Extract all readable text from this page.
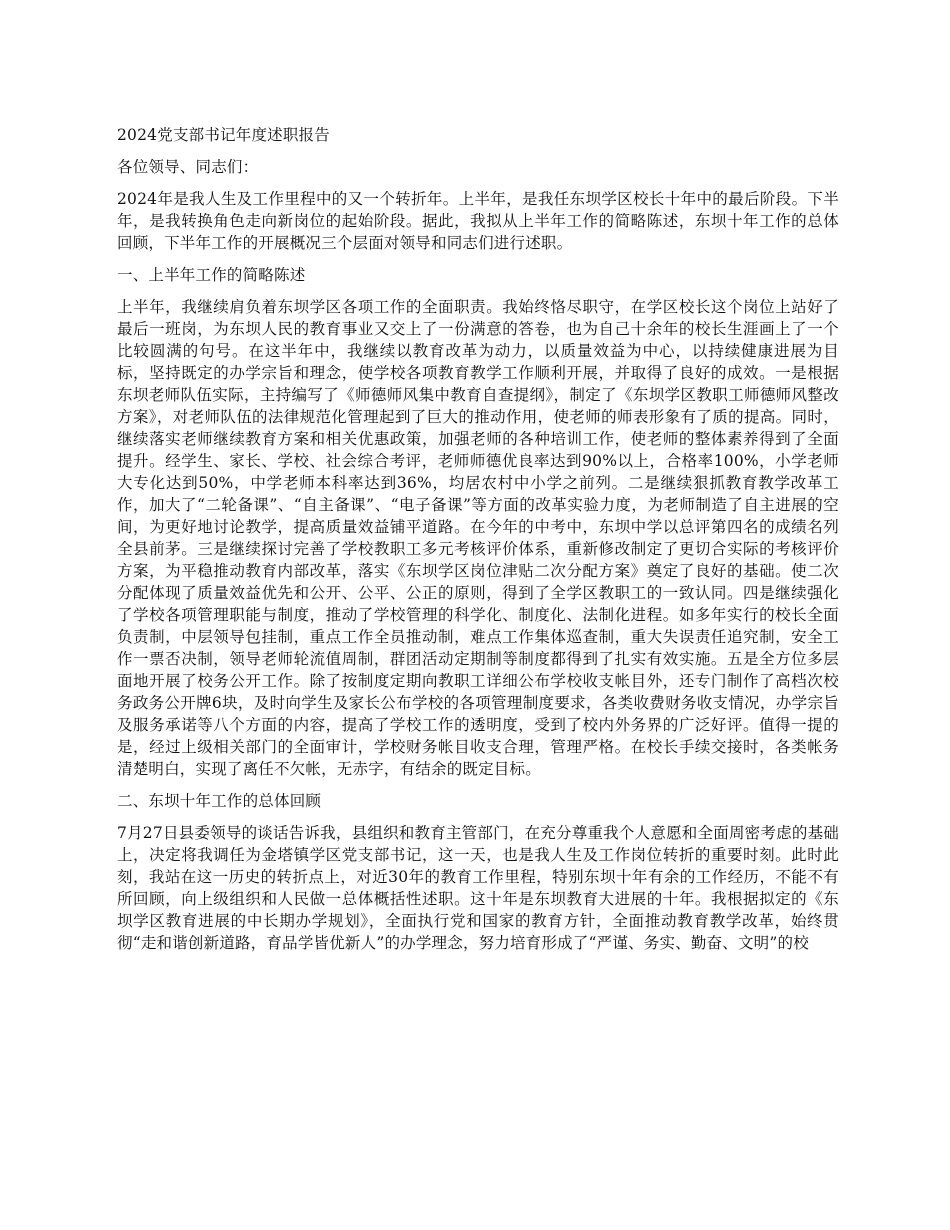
2024党支部书记年度述职报告

各位领导、同志们：

2024年是我人生及工作里程中的又一个转折年。上半年，是我任东坝学区校长十年中的最后阶段。下半年，是我转换角色走向新岗位的起始阶段。据此，我拟从上半年工作的简略陈述，东坝十年工作的总体回顾，下半年工作的开展概况三个层面对领导和同志们进行述职。

一、上半年工作的简略陈述

上半年，我继续肩负着东坝学区各项工作的全面职责。我始终恪尽职守，在学区校长这个岗位上站好了最后一班岗，为东坝人民的教育事业又交上了一份满意的答卷，也为自己十余年的校长生涯画上了一个比较圆满的句号。在这半年中，我继续以教育改革为动力，以质量效益为中心，以持续健康进展为目标，坚持既定的办学宗旨和理念，使学校各项教育教学工作顺利开展，并取得了良好的成效。一是根据东坝老师队伍实际，主持编写了《师德师风集中教育自查提纲》，制定了《东坝学区教职工师德师风整改方案》，对老师队伍的法律规范化管理起到了巨大的推动作用，使老师的师表形象有了质的提高。同时，继续落实老师继续教育方案和相关优惠政策，加强老师的各种培训工作，使老师的整体素养得到了全面提升。经学生、家长、学校、社会综合考评，老师师德优良率达到90%以上，合格率100%，小学老师大专化达到50%，中学老师本科率达到36%，均居农村中小学之前列。二是继续狠抓教育教学改革工作，加大了“二轮备课”、“自主备课”、“电子备课”等方面的改革实验力度，为老师制造了自主进展的空间，为更好地讨论教学，提高质量效益铺平道路。在今年的中考中，东坝中学以总评第四名的成绩名列全县前茅。三是继续探讨完善了学校教职工多元考核评价体系，重新修改制定了更切合实际的考核评价方案，为平稳推动教育内部改革，落实《东坝学区岗位津贴二次分配方案》奠定了良好的基础。使二次分配体现了质量效益优先和公开、公平、公正的原则，得到了全学区教职工的一致认同。四是继续强化了学校各项管理职能与制度，推动了学校管理的科学化、制度化、法制化进程。如多年实行的校长全面负责制，中层领导包挂制，重点工作全员推动制，难点工作集体巡查制，重大失误责任追究制，安全工作一票否决制，领导老师轮流值周制，群团活动定期制等制度都得到了扎实有效实施。五是全方位多层面地开展了校务公开工作。除了按制度定期向教职工详细公布学校收支帐目外，还专门制作了高档次校务政务公开牌6块，及时向学生及家长公布学校的各项管理制度要求，各类收费财务收支情况，办学宗旨及服务承诺等八个方面的内容，提高了学校工作的透明度，受到了校内外务界的广泛好评。值得一提的是，经过上级相关部门的全面审计，学校财务帐目收支合理，管理严格。在校长手续交接时，各类帐务清楚明白，实现了离任不欠帐，无赤字，有结余的既定目标。

二、东坝十年工作的总体回顾

7月27日县委领导的谈话告诉我，县组织和教育主管部门，在充分尊重我个人意愿和全面周密考虑的基础上，决定将我调任为金塔镇学区党支部书记，这一天，也是我人生及工作岗位转折的重要时刻。此时此刻，我站在这一历史的转折点上，对近30年的教育工作里程，特别东坝十年有余的工作经历，不能不有所回顾，向上级组织和人民做一总体概括性述职。这十年是东坝教育大进展的十年。我根据拟定的《东坝学区教育进展的中长期办学规划》，全面执行党和国家的教育方针，全面推动教育教学改革，始终贯彻“走和谐创新道路，育品学皆优新人”的办学理念，努力培育形成了“严谨、务实、勤奋、文明”的校
